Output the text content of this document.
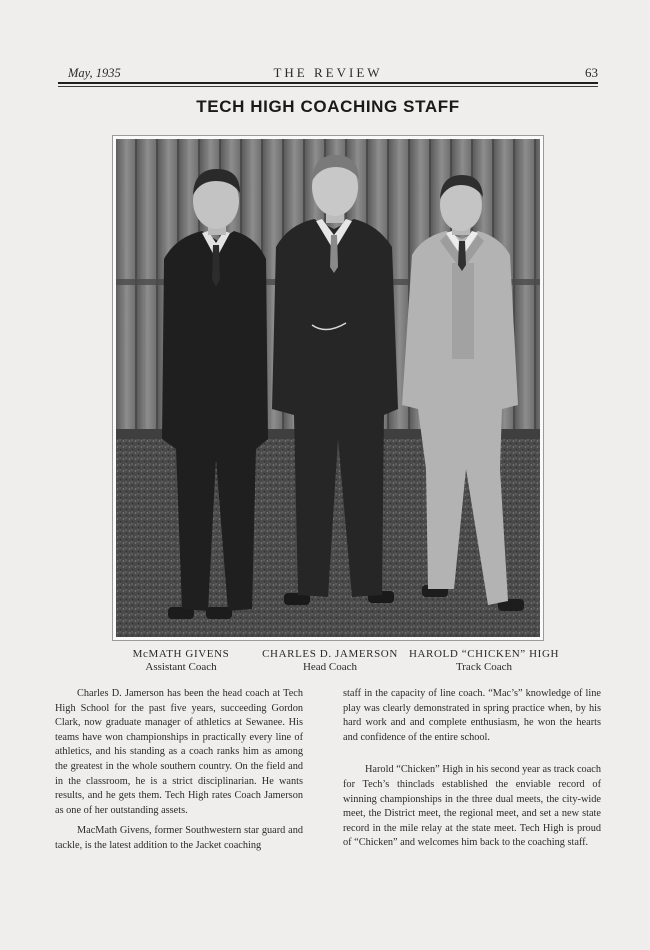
May, 1935	THE REVIEW	63
TECH HIGH COACHING STAFF
McMATH GIVENS
Assistant Coach
CHARLES D. JAMERSON
Head Coach
HAROLD “CHICKEN” HIGH
Track Coach

Charles D. Jamerson has been the head coach at Tech High School for the past five years, succeeding Gordon Clark, now graduate manager of athletics at Sewanee. His teams have won championships in practically every line of athletics, and his standing as a coach ranks him as among the greatest in the whole southern country. On the field and in the classroom, he is a strict disciplinarian. He wants results, and he gets them. Tech High rates Coach Jamerson as one of her outstanding assets.

MacMath Givens, former Southwestern star guard and tackle, is the latest addition to the Jacket coaching

staff in the capacity of line coach. “Mac’s” knowledge of line play was clearly demonstrated in spring practice when, by his hard work and and complete enthusiasm, he won the hearts and confidence of the entire school.

Harold “Chicken” High in his second year as track coach for Tech’s thinclads established the enviable record of winning championships in the three dual meets, the city-wide meet, the District meet, the regional meet, and set a new state record in the mile relay at the state meet. Tech High is proud of “Chicken” and welcomes him back to the coaching staff.
